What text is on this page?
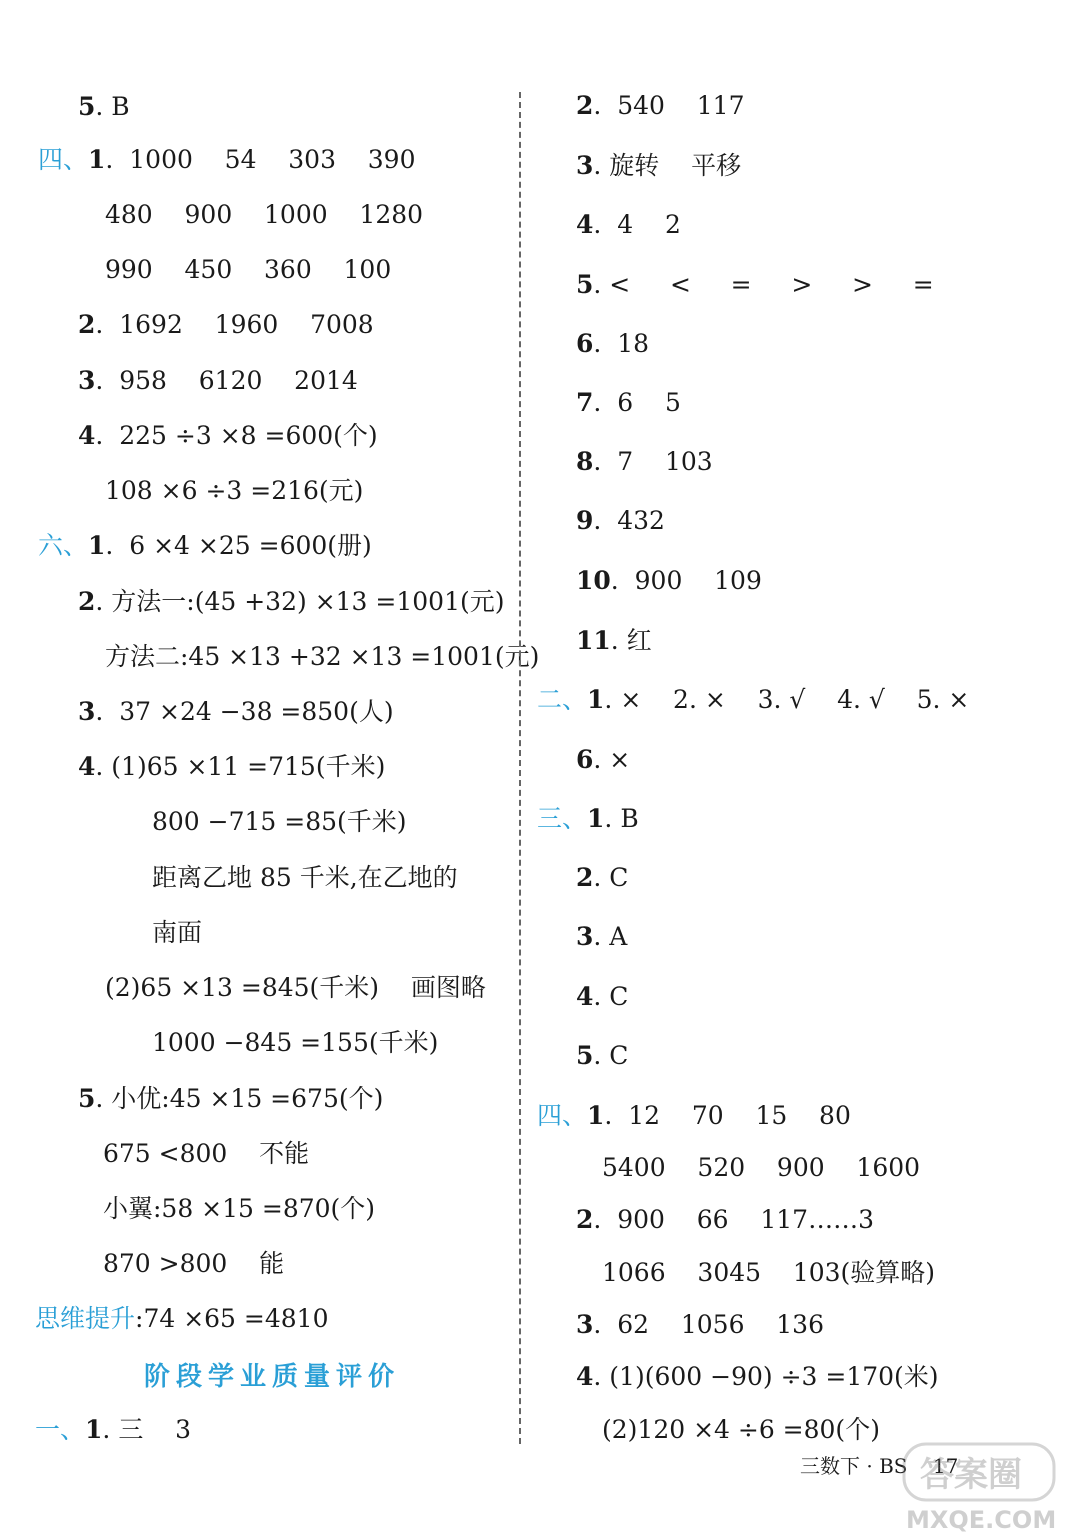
5. B
四、1.  1000    54    303    390
480    900    1000    1280
990    450    360    100
2.  1692    1960    7008
3.  958    6120    2014
4.  225 ÷3 ×8 =600(个)
108 ×6 ÷3 =216(元)
六、1.  6 ×4 ×25 =600(册)
2. 方法一:(45 +32) ×13 =1001(元)
方法二:45 ×13 +32 ×13 =1001(元)
3.  37 ×24 −38 =850(人)
4. (1)65 ×11 =715(千米)
800 −715 =85(千米)
距离乙地 85 千米,在乙地的
南面
(2)65 ×13 =845(千米)    画图略
1000 −845 =155(千米)
5. 小优:45 ×15 =675(个)
675 <800    不能
小翼:58 ×15 =870(个)
870 >800    能
思维提升:74 ×65 =4810
阶段学业质量评价
一、1. 三    3
2.  540    117
3. 旋转    平移
4.  4    2
5. <     <     =     >     >     =
6.  18
7.  6    5
8.  7    103
9.  432
10.  900    109
11. 红
二、1. ×    2. ×    3. √    4. √    5. ×
6. ×
三、1. B
2. C
3. A
4. C
5. C
四、1.  12    70    15    80
5400    520    900    1600
2.  900    66    117……3
1066    3045    103(验算略)
3.  62    1056    136
4. (1)(600 −90) ÷3 =170(米)
(2)120 ×4 ÷6 =80(个)
三数下 · BS    17
答案圈
MXQE.COM
